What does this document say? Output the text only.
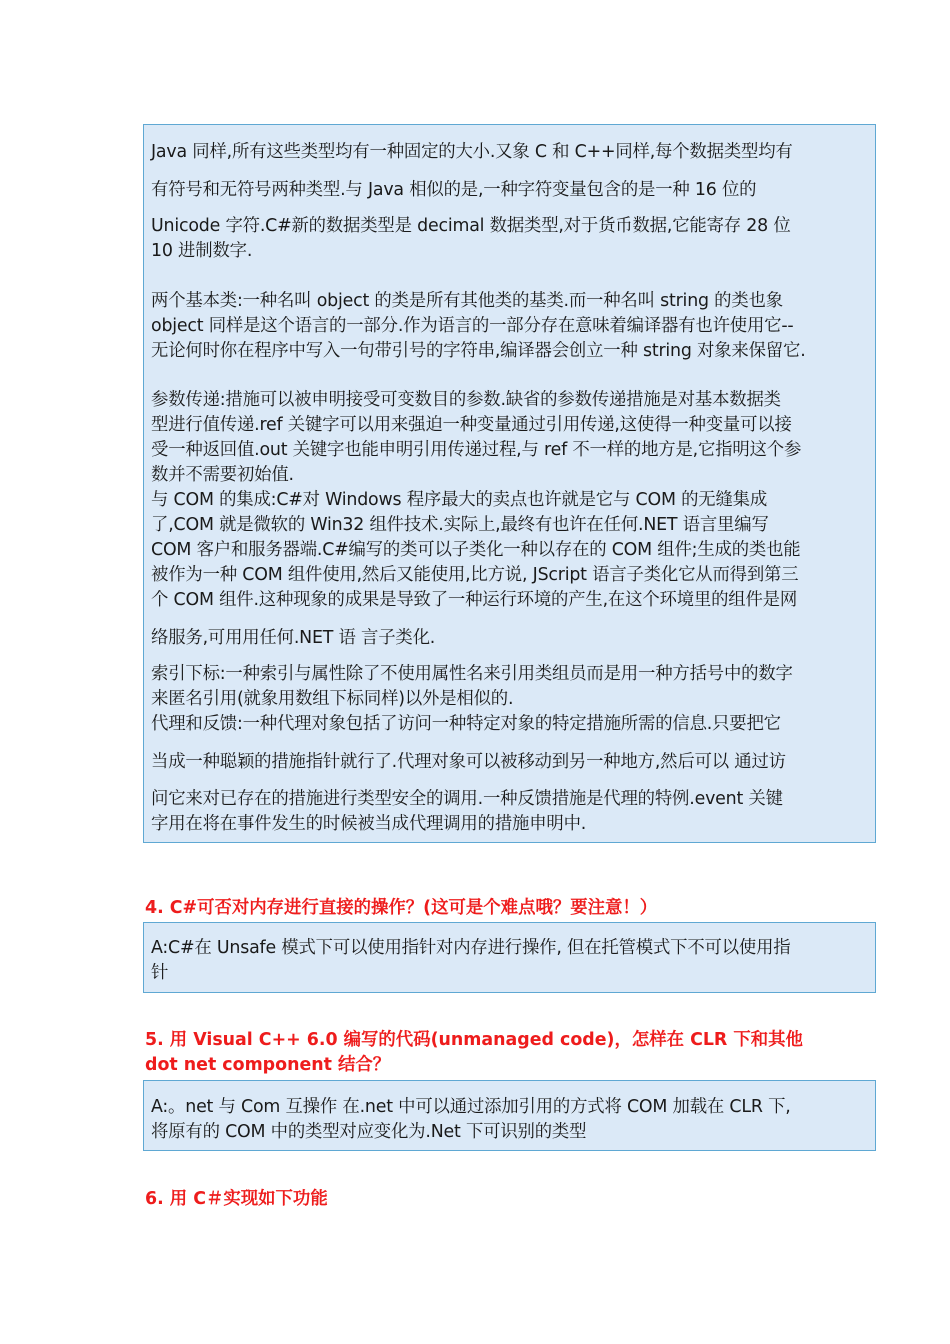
Java 同样,所有这些类型均有一种固定的大小.又象 C 和 C++同样,每个数据类型均有

有符号和无符号两种类型.与 Java 相似的是,一种字符变量包含的是一种 16 位的

Unicode 字符.C#新的数据类型是 decimal 数据类型,对于货币数据,它能寄存 28 位

10 进制数字.

两个基本类:一种名叫 object 的类是所有其他类的基类.而一种名叫 string 的类也象

object 同样是这个语言的一部分.作为语言的一部分存在意味着编译器有也许使用它--

无论何时你在程序中写入一句带引号的字符串,编译器会创立一种 string 对象来保留它.

参数传递:措施可以被申明接受可变数目的参数.缺省的参数传递措施是对基本数据类

型进行值传递.ref 关键字可以用来强迫一种变量通过引用传递,这使得一种变量可以接

受一种返回值.out 关键字也能申明引用传递过程,与 ref 不一样的地方是,它指明这个参

数并不需要初始值.

与 COM 的集成:C#对 Windows 程序最大的卖点也许就是它与 COM 的无缝集成

了,COM 就是微软的 Win32 组件技术.实际上,最终有也许在任何.NET 语言里编写

COM 客户和服务器端.C#编写的类可以子类化一种以存在的 COM 组件;生成的类也能

被作为一种 COM 组件使用,然后又能使用,比方说, JScript 语言子类化它从而得到第三

个 COM 组件.这种现象的成果是导致了一种运行环境的产生,在这个环境里的组件是网

络服务,可用用任何.NET 语 言子类化.

索引下标:一种索引与属性除了不使用属性名来引用类组员而是用一种方括号中的数字

来匿名引用(就象用数组下标同样)以外是相似的.

代理和反馈:一种代理对象包括了访问一种特定对象的特定措施所需的信息.只要把它

当成一种聪颖的措施指针就行了.代理对象可以被移动到另一种地方,然后可以 通过访

问它来对已存在的措施进行类型安全的调用.一种反馈措施是代理的特例.event 关键

字用在将在事件发生的时候被当成代理调用的措施申明中.

4. C#可否对内存进行直接的操作？(这可是个难点哦？要注意！）

A:C#在 Unsafe 模式下可以使用指针对内存进行操作, 但在托管模式下不可以使用指

针

5. 用 Visual C++ 6.0 编写的代码(unmanaged code)，怎样在 CLR 下和其他

dot net component 结合？

A:。net 与 Com 互操作 在.net 中可以通过添加引用的方式将 COM 加载在 CLR 下,

将原有的 COM 中的类型对应变化为.Net 下可识别的类型

6. 用 C＃实现如下功能
